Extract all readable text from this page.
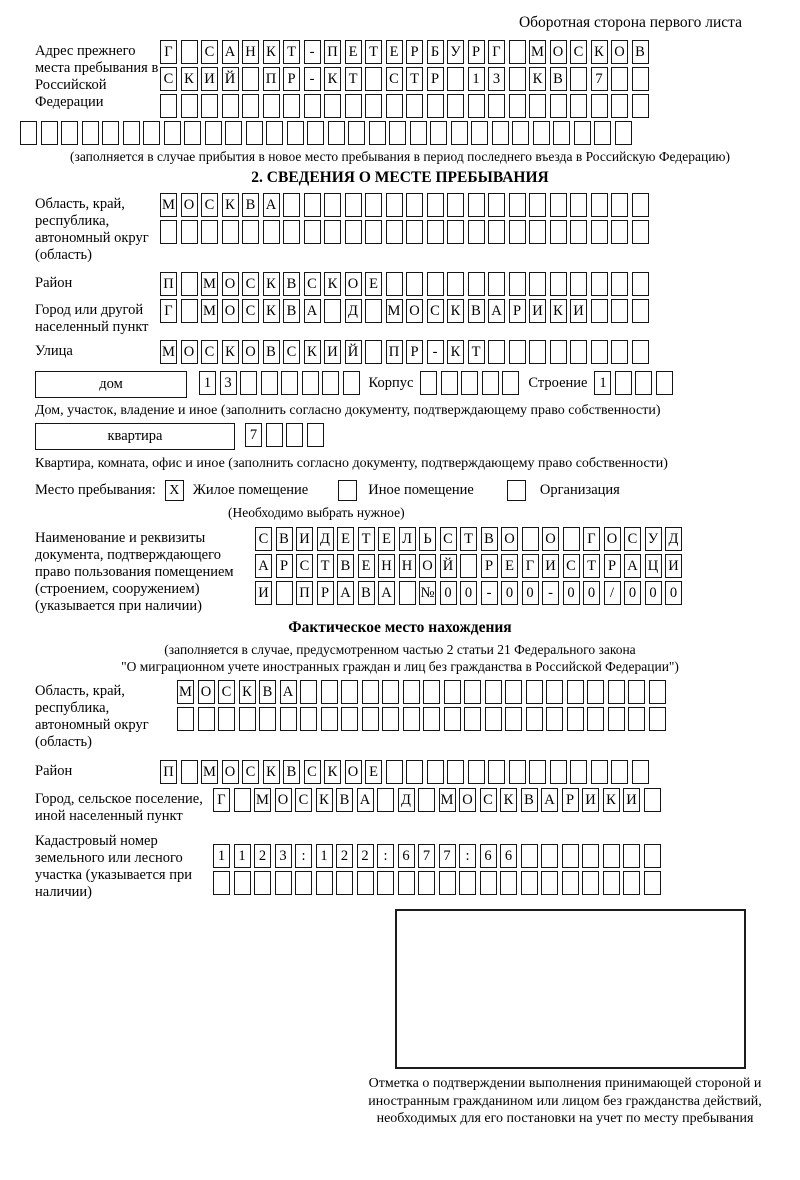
Оборотная сторона первого листа
Адрес прежнего места пребывания в Российской Федерации
Г С А Н К Т - П Е Т Е Р Б У Р Г М О С К О В
С К И Й П Р - К Т С Т Р	1 3	К В	7
(заполняется в случае прибытия в новое место пребывания в период последнего въезда в Российскую Федерацию)
2. СВЕДЕНИЯ О МЕСТЕ ПРЕБЫВАНИЯ
Область, край, республика, автономный округ (область)
М О С К В А
Район	П М О С К В С К О Е
Город или другой населенный пункт
Г М О С К В А Д М О С К В А Р И К И
Улица	М О С К О В С К И Й П Р - К Т
дом	1 3	Корпус	Строение 1
Дом, участок, владение и иное (заполнить согласно документу, подтверждающему право собственности)
квартира	7
Квартира, комната, офис и иное (заполнить согласно документу, подтверждающему право собственности)
Место пребывания: X Жилое помещение	Иное помещение	Организация
(Необходимо выбрать нужное)
Наименование и реквизиты документа, подтверждающего право пользования помещением (строением, сооружением) (указывается при наличии)
С В И Д Е Т Е Л Ь С Т В О О Г О С У Д
А Р С Т В Е Н Н О Й	Р Е Г И С Т Р А Ц И
И П Р А В А № 0 0 - 0 0 - 0 0	/	0 0 0
Фактическое место нахождения
(заполняется в случае, предусмотренном частью 2 статьи 21 Федерального закона
"О миграционном учете иностранных граждан и лиц без гражданства в Российской Федерации")
Область, край, республика, автономный округ (область)
М О С К В А
Район	П М О С К В С К О Е
Город, сельское поселение, иной населенный пункт
Г М О С К В А Д М О С К В А Р И К И
Кадастровый номер земельного или лесного участка (указывается при наличии)
1 1 2 3	:	1 2 2	:	6 7 7	:	6 6
Отметка о подтверждении выполнения принимающей стороной и иностранным гражданином или лицом без гражданства действий, необходимых для его постановки на учет по месту пребывания
